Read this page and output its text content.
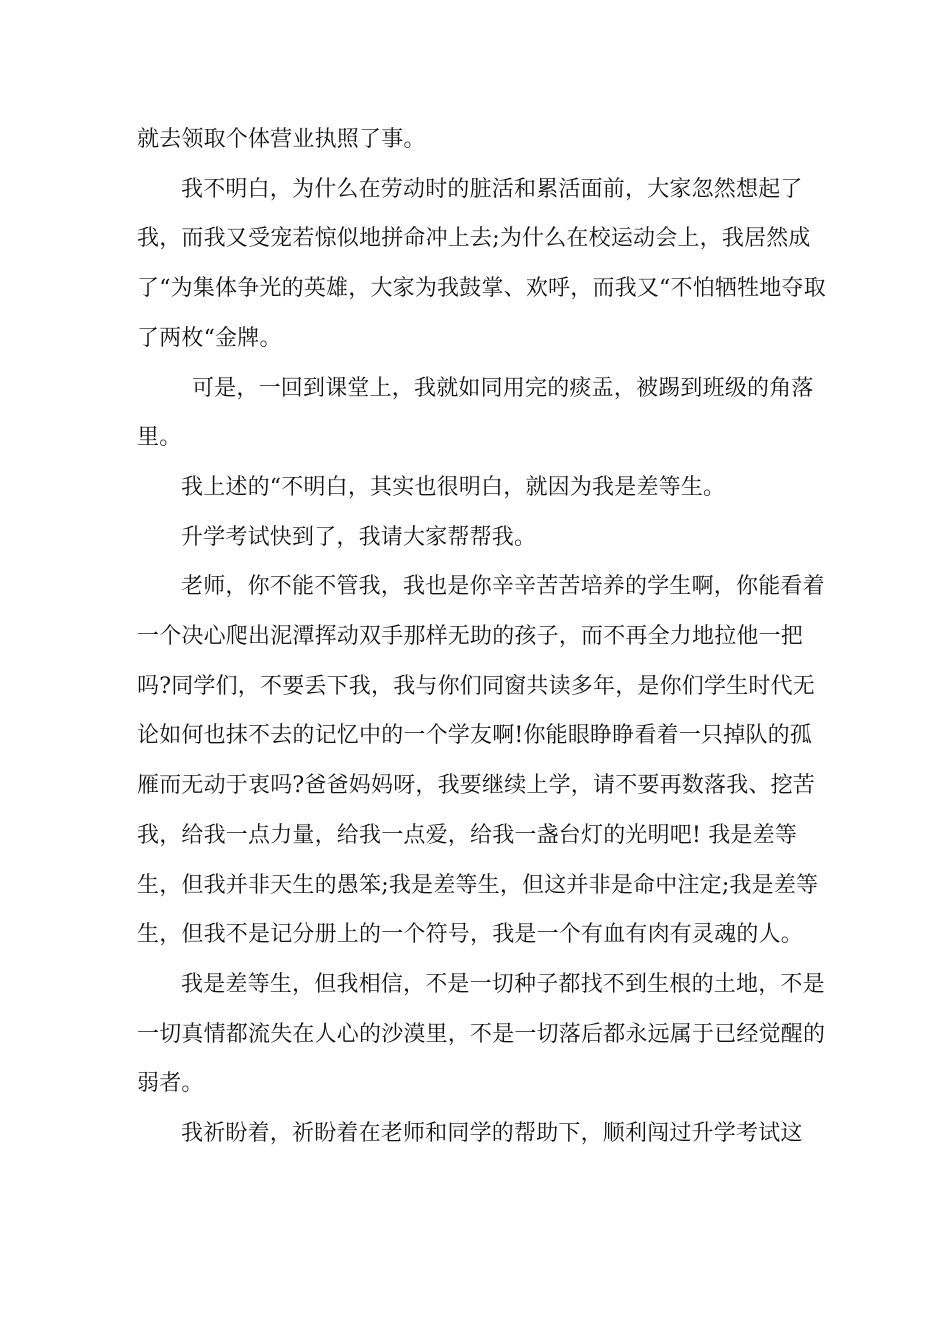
就去领取个体营业执照了事。

我不明白，为什么在劳动时的脏活和累活面前，大家忽然想起了我，而我又受宠若惊似地拼命冲上去;为什么在校运动会上，我居然成了“为集体争光的英雄，大家为我鼓掌、欢呼，而我又“不怕牺牲地夺取了两枚“金牌。

可是，一回到课堂上，我就如同用完的痰盂，被踢到班级的角落里。

我上述的“不明白，其实也很明白，就因为我是差等生。

升学考试快到了，我请大家帮帮我。

老师，你不能不管我，我也是你辛辛苦苦培养的学生啊，你能看着一个决心爬出泥潭挥动双手那样无助的孩子，而不再全力地拉他一把吗?同学们，不要丢下我，我与你们同窗共读多年，是你们学生时代无论如何也抹不去的记忆中的一个学友啊!你能眼睁睁看着一只掉队的孤雁而无动于衷吗?爸爸妈妈呀，我要继续上学，请不要再数落我、挖苦我，给我一点力量，给我一点爱，给我一盏台灯的光明吧! 我是差等生，但我并非天生的愚笨;我是差等生，但这并非是命中注定;我是差等生，但我不是记分册上的一个符号，我是一个有血有肉有灵魂的人。

我是差等生，但我相信，不是一切种子都找不到生根的土地，不是一切真情都流失在人心的沙漠里，不是一切落后都永远属于已经觉醒的弱者。

我祈盼着，祈盼着在老师和同学的帮助下，顺利闯过升学考试这
